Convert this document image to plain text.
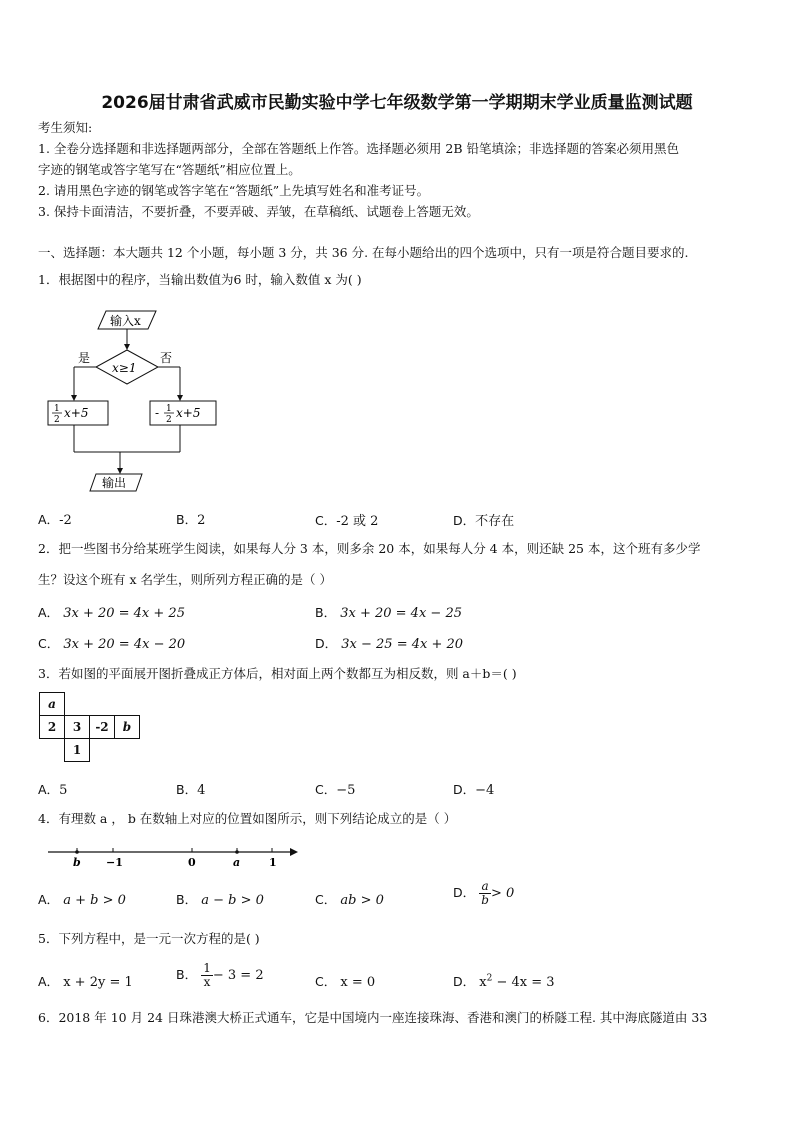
2026届甘肃省武威市民勤实验中学七年级数学第一学期期末学业质量监测试题
考生须知:
1. 全卷分选择题和非选择题两部分，全部在答题纸上作答。选择题必须用 2B 铅笔填涂；非选择题的答案必须用黑色
字迹的钢笔或答字笔写在“答题纸”相应位置上。
2. 请用黑色字迹的钢笔或答字笔在“答题纸”上先填写姓名和准考证号。
3. 保持卡面清洁，不要折叠，不要弄破、弄皱，在草稿纸、试题卷上答题无效。
一、选择题：本大题共 12 个小题，每小题 3 分，共 36 分. 在每小题给出的四个选项中，只有一项是符合题目要求的.
1．根据图中的程序，当输出数值为6 时，输入数值 x 为( )
输入x
x≥1
是	否
1
2 x+5	- 1
2 x+5
输出
A．-2	B．2	C．-2 或 2	D．不存在
2．把一些图书分给某班学生阅读，如果每人分 3 本，则多余 20 本，如果每人分 4 本，则还缺 25 本，这个班有多少学
生？设这个班有 x 名学生，则所列方程正确的是（ ）
A． 3x + 20 = 4x + 25	B． 3x + 20 = 4x − 25
C． 3x + 20 = 4x − 20	D． 3x − 25 = 4x + 20
3．若如图的平面展开图折叠成正方体后，相对面上两个数都互为相反数，则 a＋b＝( )
a			
2	3	-2	b
	1		
A．5	B．4	C．−5	D．−4
4．有理数 a ， b 在数轴上对应的位置如图所示，则下列结论成立的是（ ）
b −1	0	a	1
A． a + b > 0	B． a − b > 0	C． ab > 0
D． $\frac{a}{b} > 0$
5．下列方程中，是一元一次方程的是( )
A． x + 2y = 1
B． $\frac{1}{x} - 3 = 2$	C． x = 0	D． $x^2 - 4x = 3$
6．2018 年 10 月 24 日珠港澳大桥正式通车，它是中国境内一座连接珠海、香港和澳门的桥隧工程. 其中海底隧道由 33
